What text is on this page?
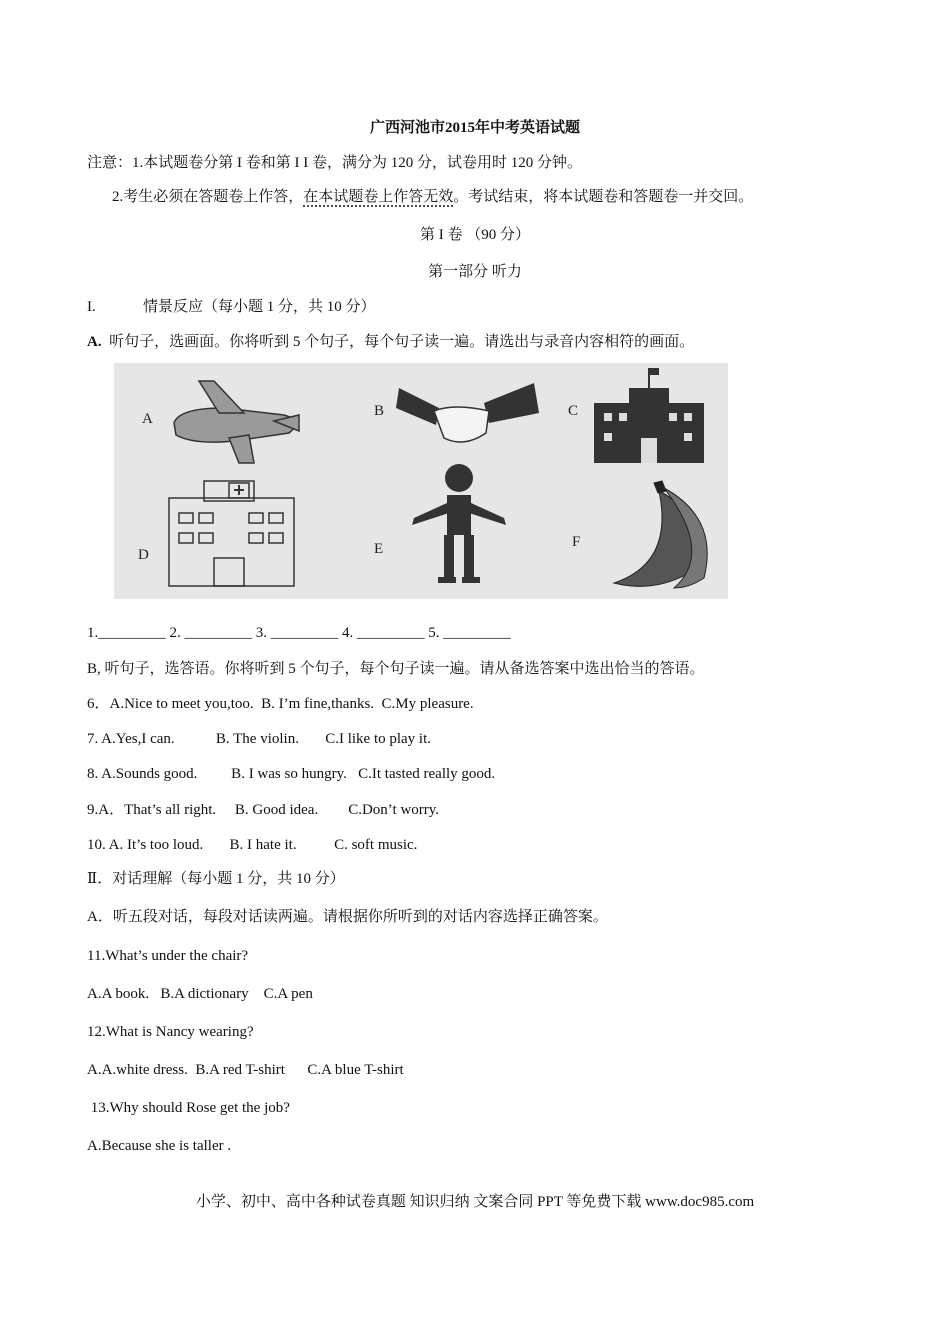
广西河池市2015年中考英语试题
注意：1.本试题卷分第 I 卷和第 I I 卷，满分为 120 分，试卷用时 120 分钟。
2.考生必须在答题卷上作答，在本试题卷上作答无效。考试结束，将本试题卷和答题卷一并交回。
第 I 卷 （90 分）
第一部分 听力
I.	情景反应（每小题 1 分，共 10 分）
A. 听句子，选画面。你将听到 5 个句子，每个句子读一遍。请选出与录音内容相符的画面。
A	B	C
D	E	F
1._________ 2. _________ 3. _________ 4. _________ 5. _________
B, 听句子，选答语。你将听到 5 个句子，每个句子读一遍。请从备选答案中选出恰当的答语。
6．A.Nice to meet you,too.  B. I’m fine,thanks.  C.My pleasure.
7. A.Yes,I can.           B. The violin.       C.I like to play it.
8. A.Sounds good.         B. I was so hungry.   C.It tasted really good.
9.A．That’s all right.     B. Good idea.        C.Don’t worry.
10. A. It’s too loud.       B. I hate it.          C. soft music.
Ⅱ．对话理解（每小题 1 分，共 10 分）
A．听五段对话，每段对话读两遍。请根据你所听到的对话内容选择正确答案。
11.What’s under the chair?
A.A book.   B.A dictionary    C.A pen
12.What is Nancy wearing?
A.A.white dress.  B.A red T-shirt      C.A blue T-shirt
13.Why should Rose get the job?
A.Because she is taller .
小学、初中、高中各种试卷真题 知识归纳 文案合同 PPT 等免费下载 www.doc985.com
